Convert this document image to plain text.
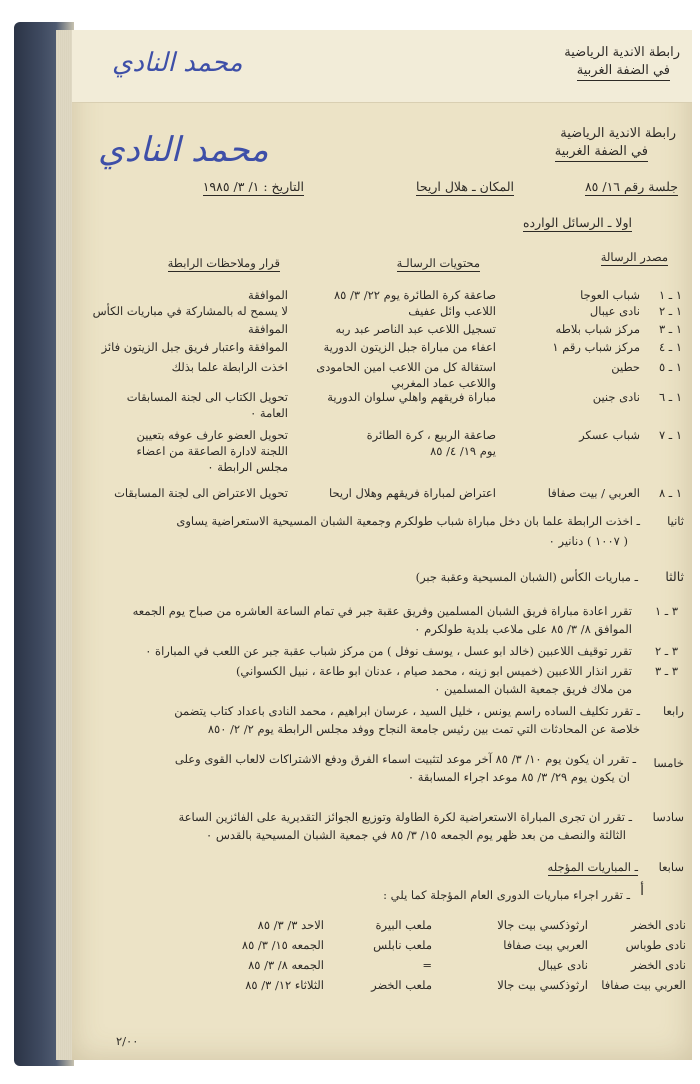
محمد النادي	رابطة الاندية الرياضية
في الضفة الغربية
محمد النادي	رابطة الاندية الرياضية
في الضفة الغربية
جلسة رقم ١٦/ ٨٥
المكان ـ هلال اريحا
التاريخ : ١/ ٣/ ١٩٨٥
اولا ـ الرسائل الوارده
مصدر الرسالة
محتويات الرسالـة
قرار وملاحظات الرابطة
١ ـ ١
شباب العوجا
صاعقة كرة الطائرة يوم ٢٢/ ٣/ ٨٥
الموافقة
١ ـ ٢
نادى عيبال
اللاعب وائل عفيف
لا يسمح له بالمشاركة في مباريات الكأس
١ ـ ٣
مركز شباب بلاطه
تسجيل اللاعب عبد الناصر عبد ربه
الموافقة
١ ـ ٤
مركز شباب رقم ١
اعفاء من مباراة جبل الزيتون الدورية
الموافقة واعتبار فريق جبل الزيتون فائز
١ ـ ٥
حطين
استقالة كل من اللاعب امين الحامودى
واللاعب عماد المغربي
اخذت الرابطة علما بذلك
١ ـ ٦
نادى جنين
مباراة فريقهم واهلي سلوان الدورية
تحويل الكتاب الى لجنة المسابقات
العامة ٠
١ ـ ٧
شباب عسكر
صاعقة الربيع ، كرة الطائرة
يوم ١٩/ ٤/ ٨٥
تحويل العضو عارف عوفه بتعيين
اللجنة لادارة الصاعقة من اعضاء
مجلس الرابطة ٠
١ ـ ٨
العربي / بيت صفافا
اعتراض لمباراة فريقهم وهلال اريحا
تحويل الاعتراض الى لجنة المسابقات
ثانيا
ـ اخذت الرابطة علما بان دخل مباراة شباب طولكرم وجمعية الشبان المسيحية الاستعراضية يساوى
( ١٠٠٧ ) دنانير ٠
ثالثا
ـ مباريات الكأس (الشبان المسيحية وعقبة جبر)
٣ ـ ١
تقرر اعادة مباراة فريق الشبان المسلمين وفريق عقبة جبر في تمام الساعة العاشره من صباح يوم الجمعه
الموافق ٨/ ٣/ ٨٥ على ملاعب بلدية طولكرم ٠
٣ ـ ٢
تقرر توقيف اللاعبين (خالد ابو عسل ، يوسف نوفل ) من مركز شباب عقبة جبر عن اللعب في المباراة ٠
٣ ـ ٣
تقرر انذار اللاعبين (خميس ابو زينه ، محمد صيام ، عدنان ابو طاعة ، نبيل الكسواني)
من ملاك فريق جمعية الشبان المسلمين ٠
رابعا
ـ تقرر تكليف الساده راسم يونس ، خليل السيد ، عرسان ابراهيم ، محمد النادى باعداد كتاب يتضمن
خلاصة عن المحادثات التي تمت بين رئيس جامعة النجاح ووفد مجلس الرابطة يوم ٢/ ٢/ ٨٥٠
خامسا
ـ تقرر ان يكون يوم ١٠/ ٣/ ٨٥ آخر موعد لتثبيت اسماء الفرق ودفع الاشتراكات لالعاب القوى وعلى
ان يكون يوم ٢٩/ ٣/ ٨٥ موعد اجراء المسابقة ٠
سادسا
ـ تقرر ان تجرى المباراة الاستعراضية لكرة الطاولة وتوزيع الجوائز التقديرية على الفائزين الساعة
الثالثة والنصف من بعد ظهر يوم الجمعه ١٥/ ٣/ ٨٥ في جمعية الشبان المسيحية بالقدس ٠
سابعا
ـ المباريات المؤجله
أ
ـ تقرر اجراء مباريات الدورى العام المؤجلة كما يلي :
نادى الخضر
ارثوذكسي بيت جالا
ملعب البيرة
الاحد ٣/ ٣/ ٨٥
نادى طوباس
العربي بيت صفافا
ملعب نابلس
الجمعه ١٥/ ٣/ ٨٥
نادى الخضر
نادى عيبال
=
الجمعه ٨/ ٣/ ٨٥
العربي بيت صفافا
ارثوذكسي بيت جالا
ملعب الخضر
الثلاثاء ١٢/ ٣/ ٨٥
٢/٠٠
